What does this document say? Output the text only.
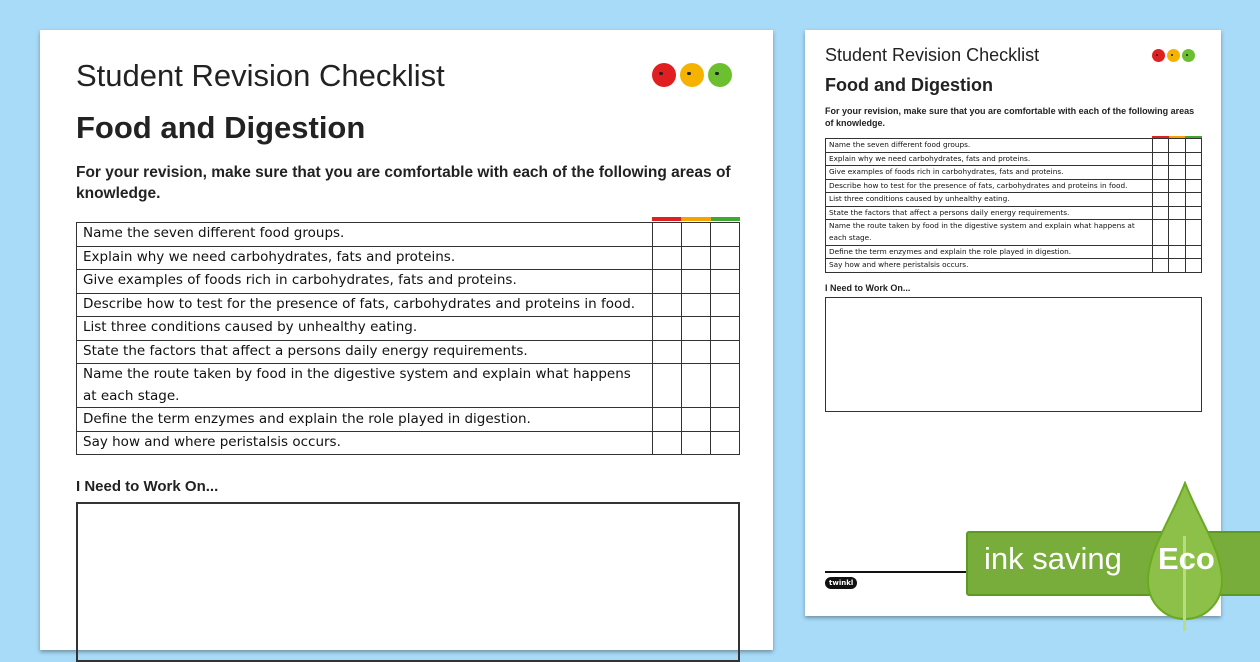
Student Revision Checklist
Food and Digestion
For your revision, make sure that you are comfortable with each of the following areas of knowledge.
Name the seven different food groups.			
Explain why we need carbohydrates, fats and proteins.			
Give examples of foods rich in carbohydrates, fats and proteins.			
Describe how to test for the presence of fats, carbohydrates and proteins in food.			
List three conditions caused by unhealthy eating.			
State the factors that affect a persons daily energy requirements.			
Name the route taken by food in the digestive system and explain what happens at each stage.			
Define the term enzymes and explain the role played in digestion.			
Say how and where peristalsis occurs.			
I Need to Work On...
Student Revision Checklist
Food and Digestion
For your revision, make sure that you are comfortable with each of the following areas of knowledge.
Name the seven different food groups.			
Explain why we need carbohydrates, fats and proteins.			
Give examples of foods rich in carbohydrates, fats and proteins.			
Describe how to test for the presence of fats, carbohydrates and proteins in food.			
List three conditions caused by unhealthy eating.			
State the factors that affect a persons daily energy requirements.			
Name the route taken by food in the digestive system and explain what happens at each stage.			
Define the term enzymes and explain the role played in digestion.			
Say how and where peristalsis occurs.			
I Need to Work On...
twinkl
ink saving Eco
